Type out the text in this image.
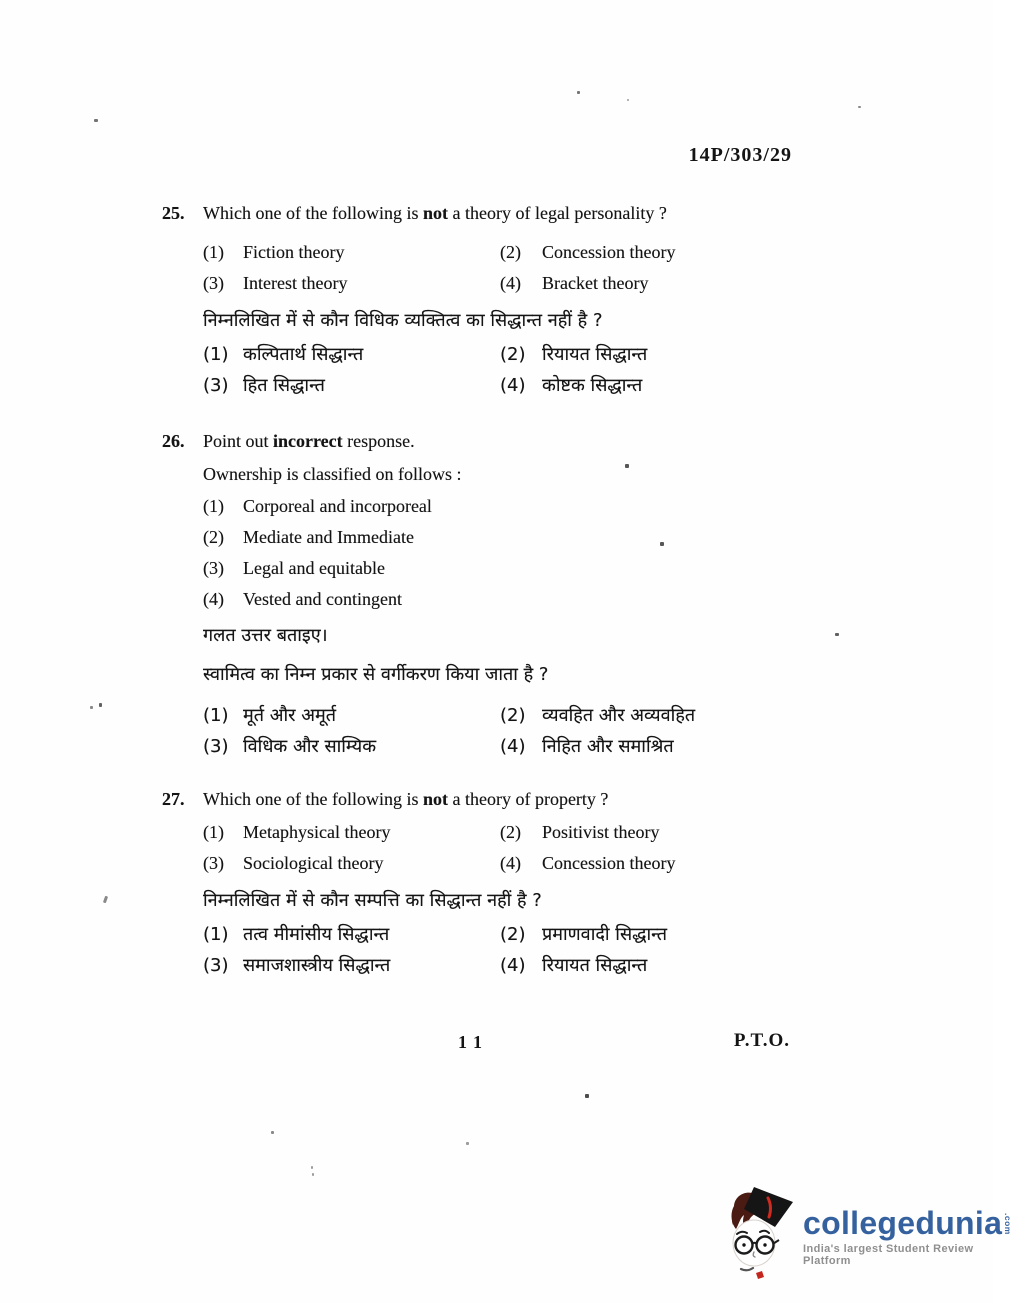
14P/303/29
25.	Which one of the following is not a theory of legal personality ?
(1)	Fiction theory	(2)	Concession theory
(3)	Interest theory	(4)	Bracket theory
निम्नलिखित में से कौन विधिक व्यक्तित्व का सिद्धान्त नहीं है ?
(1) कल्पितार्थ सिद्धान्त	(2) रियायत सिद्धान्त
(3) हित सिद्धान्त	(4) कोष्टक सिद्धान्त
26.	Point out incorrect response.
Ownership is classified on follows :
(1)	Corporeal and incorporeal
(2)	Mediate and Immediate
(3)	Legal and equitable
(4)	Vested and contingent
गलत उत्तर बताइए।
स्वामित्व का निम्न प्रकार से वर्गीकरण किया जाता है ?
(1) मूर्त और अमूर्त	(2) व्यवहित और अव्यवहित
(3) विधिक और साम्यिक	(4) निहित और समाश्रित
27.	Which one of the following is not a theory of property ?
(1)	Metaphysical theory	(2)	Positivist theory
(3)	Sociological theory	(4)	Concession theory
निम्नलिखित में से कौन सम्पत्ति का सिद्धान्त नहीं है ?
(1) तत्व मीमांसीय सिद्धान्त	(2) प्रमाणवादी सिद्धान्त
(3) समाजशास्त्रीय सिद्धान्त	(4) रियायत सिद्धान्त
11	P.T.O.
collegedunia .com
India's largest Student Review Platform
